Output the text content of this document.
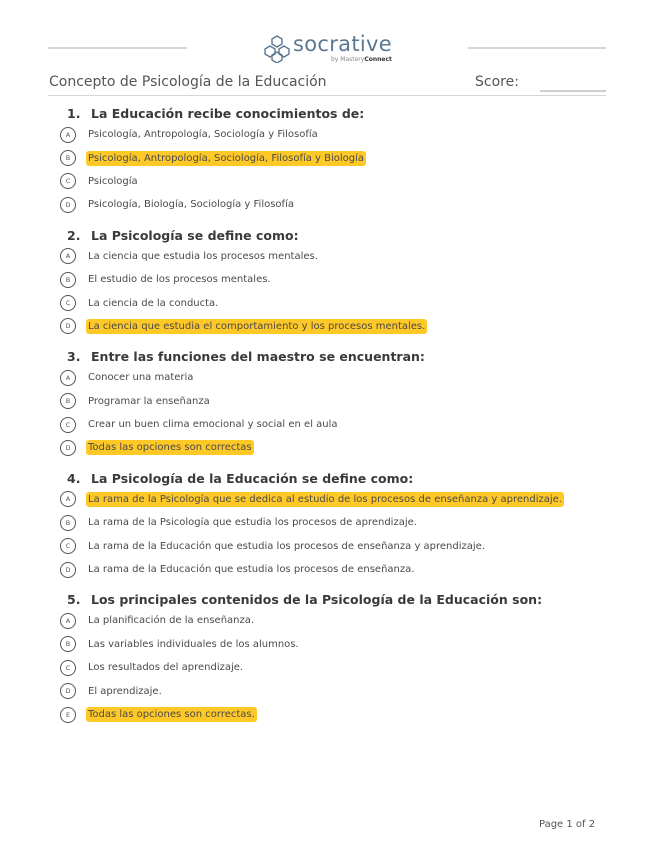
socrative
by MasteryConnect
Concepto de Psicología de la Educación	Score:
1. La Educación recibe conocimientos de:
A	Psicología, Antropología, Sociología y Filosofía
B	Psicología, Antropología, Sociología, Filosofía y Biología
C	Psicología
D	Psicología, Biología, Sociología y Filosofía
2. La Psicología se define como:
A	La ciencia que estudia los procesos mentales.
B	El estudio de los procesos mentales.
C	La ciencia de la conducta.
D	La ciencia que estudia el comportamiento y los procesos mentales.
3. Entre las funciones del maestro se encuentran:
A	Conocer una materia
B	Programar la enseñanza
C	Crear un buen clima emocional y social en el aula
D	Todas las opciones son correctas
4. La Psicología de la Educación se define como:
A	La rama de la Psicología que se dedica al estudio de los procesos de enseñanza y aprendizaje.
B	La rama de la Psicología que estudia los procesos de aprendizaje.
C	La rama de la Educación que estudia los procesos de enseñanza y aprendizaje.
D	La rama de la Educación que estudia los procesos de enseñanza.
5. Los principales contenidos de la Psicología de la Educación son:
A	La planificación de la enseñanza.
B	Las variables individuales de los alumnos.
C	Los resultados del aprendizaje.
D	El aprendizaje.
E	Todas las opciones son correctas.
Page 1 of 2
